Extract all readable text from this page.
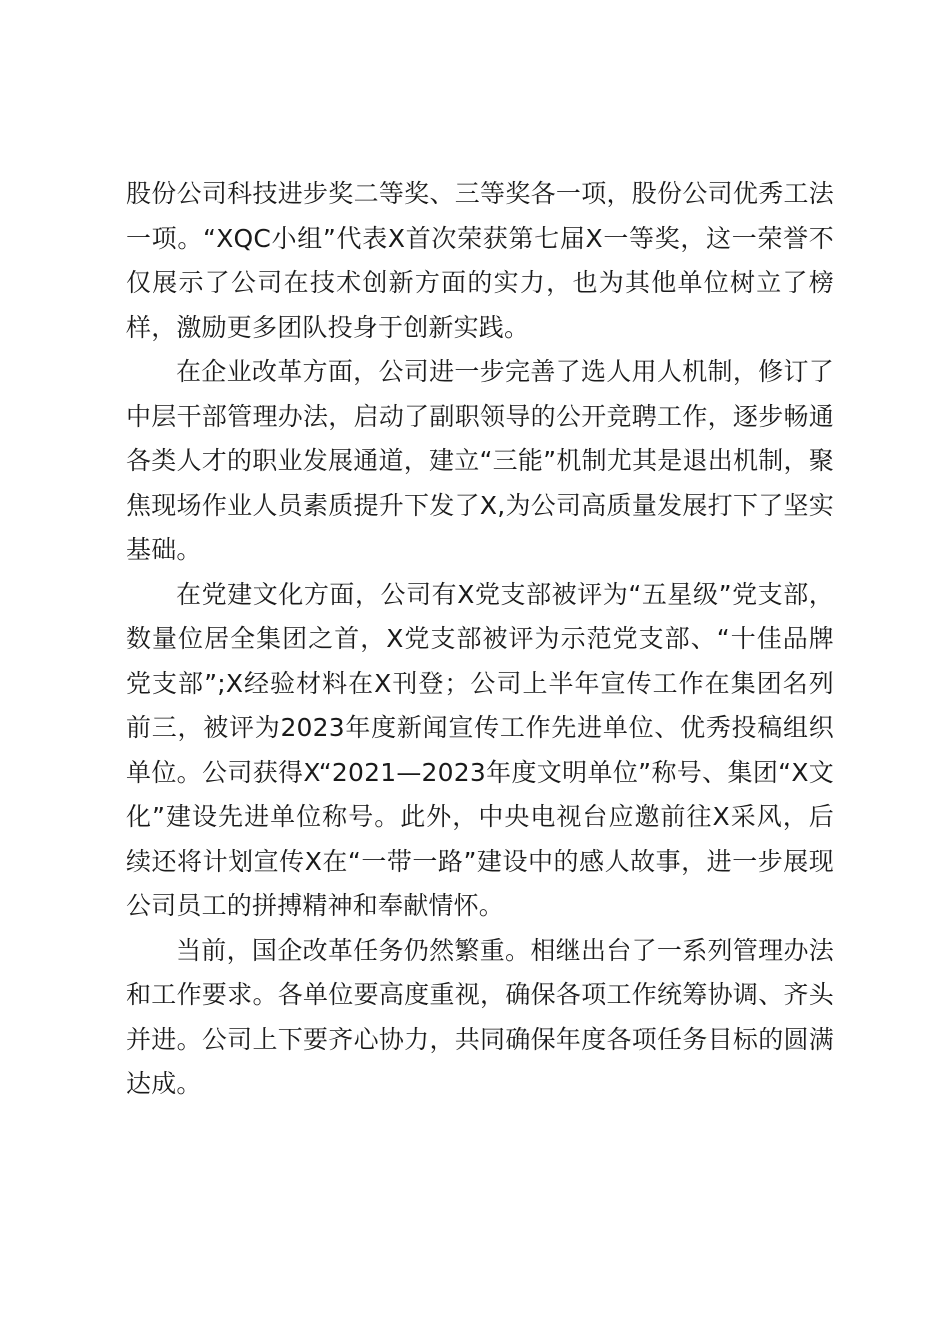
股份公司科技进步奖二等奖、三等奖各一项，股份公司优秀工法一项。“XQC小组”代表X首次荣获第七届X一等奖，这一荣誉不仅展示了公司在技术创新方面的实力，也为其他单位树立了榜样，激励更多团队投身于创新实践。

在企业改革方面，公司进一步完善了选人用人机制，修订了中层干部管理办法，启动了副职领导的公开竞聘工作，逐步畅通各类人才的职业发展通道，建立“三能”机制尤其是退出机制，聚焦现场作业人员素质提升下发了X,为公司高质量发展打下了坚实基础。

在党建文化方面，公司有X党支部被评为“五星级”党支部，数量位居全集团之首，X党支部被评为示范党支部、“十佳品牌党支部”;X经验材料在X刊登；公司上半年宣传工作在集团名列前三，被评为2023年度新闻宣传工作先进单位、优秀投稿组织单位。公司获得X“2021—2023年度文明单位”称号、集团“X文化”建设先进单位称号。此外，中央电视台应邀前往X采风，后续还将计划宣传X在“一带一路”建设中的感人故事，进一步展现公司员工的拼搏精神和奉献情怀。

当前，国企改革任务仍然繁重。相继出台了一系列管理办法和工作要求。各单位要高度重视，确保各项工作统筹协调、齐头并进。公司上下要齐心协力，共同确保年度各项任务目标的圆满达成。
